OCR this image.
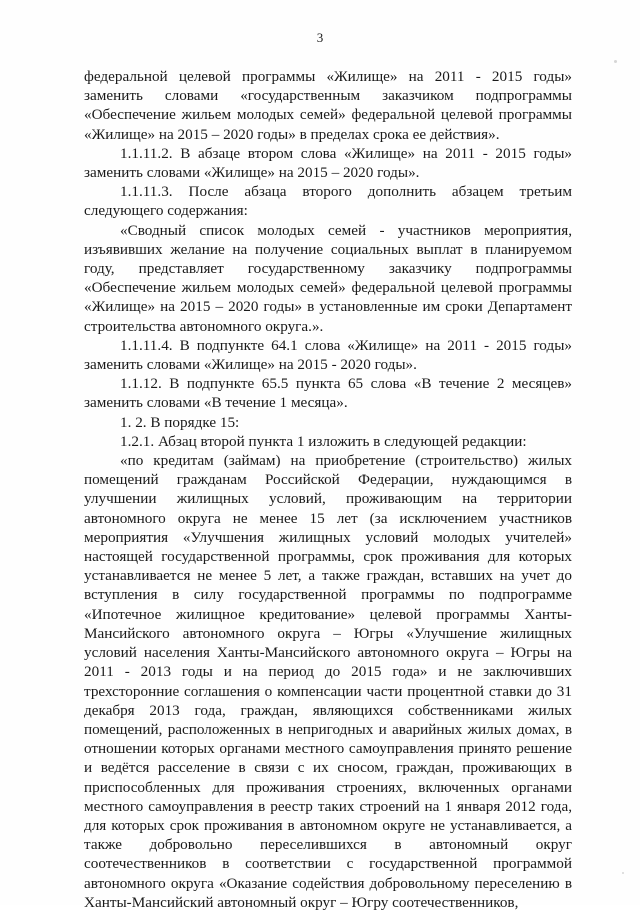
3

федеральной целевой программы «Жилище» на 2011 - 2015 годы» заменить словами «государственным заказчиком подпрограммы «Обеспечение жильем молодых семей» федеральной целевой программы «Жилище» на 2015 – 2020 годы» в пределах срока ее действия».

1.1.11.2. В абзаце втором слова «Жилище» на 2011 - 2015 годы» заменить словами «Жилище» на 2015 – 2020 годы».

1.1.11.3. После абзаца второго дополнить абзацем третьим следующего содержания:

«Сводный список молодых семей - участников мероприятия, изъявивших желание на получение социальных выплат в планируемом году, представляет государственному заказчику подпрограммы «Обеспечение жильем молодых семей» федеральной целевой программы «Жилище» на 2015 – 2020 годы» в установленные им сроки Департамент строительства автономного округа.».

1.1.11.4. В подпункте 64.1 слова «Жилище» на 2011 - 2015 годы» заменить словами «Жилище» на 2015 - 2020 годы».

1.1.12. В подпункте 65.5 пункта 65 слова «В течение 2 месяцев» заменить словами «В течение 1 месяца».

1. 2. В порядке 15:

1.2.1. Абзац второй пункта 1 изложить в следующей редакции:

«по кредитам (займам) на приобретение (строительство) жилых помещений гражданам Российской Федерации, нуждающимся в улучшении жилищных условий, проживающим на территории автономного округа не менее 15 лет (за исключением участников мероприятия «Улучшения жилищных условий молодых учителей» настоящей государственной программы, срок проживания для которых устанавливается не менее 5 лет, а также граждан, вставших на учет до вступления в силу государственной программы по подпрограмме «Ипотечное жилищное кредитование» целевой программы Ханты-Мансийского автономного округа – Югры «Улучшение жилищных условий населения Ханты-Мансийского автономного округа – Югры на 2011 - 2013 годы и на период до 2015 года» и не заключивших трехсторонние соглашения о компенсации части процентной ставки до 31 декабря 2013 года, граждан, являющихся собственниками жилых помещений, расположенных в непригодных и аварийных жилых домах, в отношении которых органами местного самоуправления принято решение и ведётся расселение в связи с их сносом, граждан, проживающих в приспособленных для проживания строениях, включенных органами местного самоуправления в реестр таких строений на 1 января 2012 года, для которых срок проживания в автономном округе не устанавливается, а также добровольно переселившихся в автономный округ соотечественников в соответствии с государственной программой автономного округа «Оказание содействия добровольному переселению в Ханты-Мансийский автономный округ – Югру соотечественников,
